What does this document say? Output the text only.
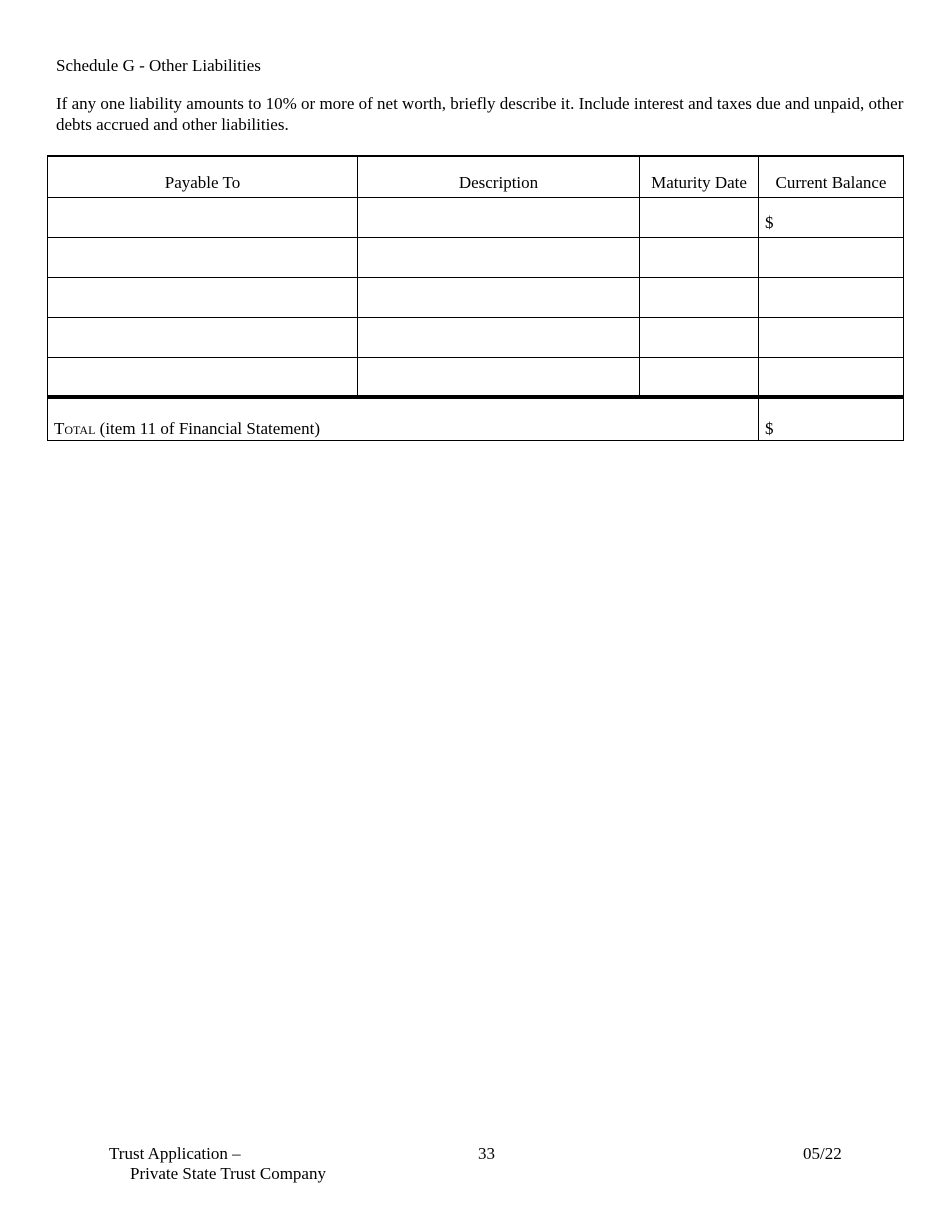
Schedule G - Other Liabilities
If any one liability amounts to 10% or more of net worth, briefly describe it. Include interest and taxes due and unpaid, other debts accrued and other liabilities.
Payable To	Description	Maturity Date	Current Balance
			$

Total (item 11 of Financial Statement)			$
Trust Application –
Private State Trust Company
33	05/22
